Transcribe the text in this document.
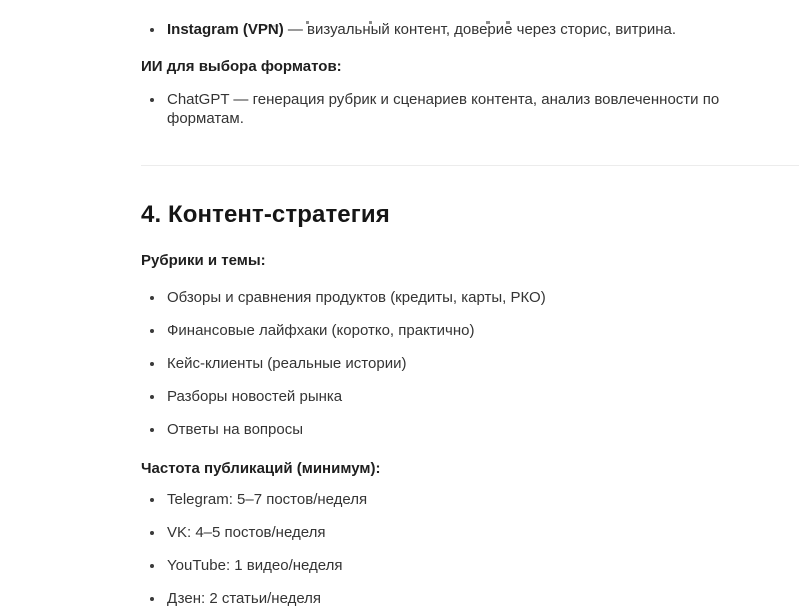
Instagram (VPN) — визуальный контент, доверие через сторис, витрина.

ИИ для выбора форматов:

ChatGPT — генерация рубрик и сценариев контента, анализ вовлеченности по форматам.
4. Контент-стратегия

Рубрики и темы:

Обзоры и сравнения продуктов (кредиты, карты, РКО)
Финансовые лайфхаки (коротко, практично)
Кейс-клиенты (реальные истории)
Разборы новостей рынка
Ответы на вопросы

Частота публикаций (минимум):

Telegram: 5–7 постов/неделя
VK: 4–5 постов/неделя
YouTube: 1 видео/неделя
Дзен: 2 статьи/неделя
